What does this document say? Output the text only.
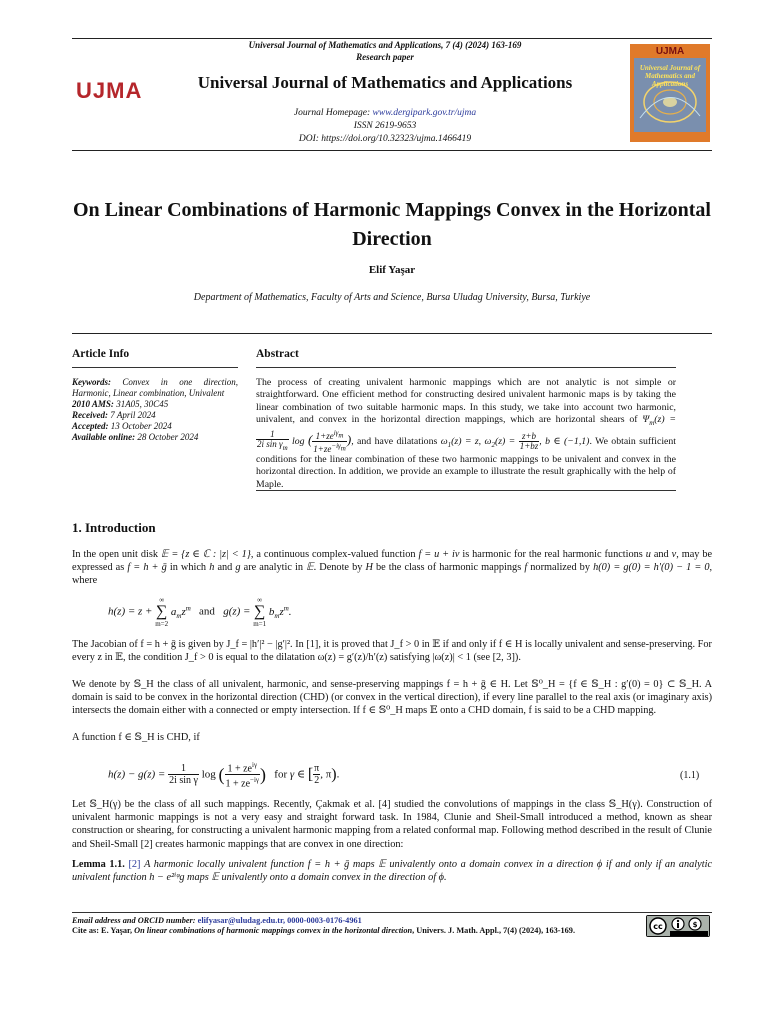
Universal Journal of Mathematics and Applications, 7 (4) (2024) 163-169
Research paper
UJMA	Universal Journal of Mathematics and Applications
Journal Homepage: www.dergipark.gov.tr/ujma
ISSN 2619-9653
DOI: https://doi.org/10.32323/ujma.1466419
UJMA
Universal Journal of Mathematics and Applications
On Linear Combinations of Harmonic Mappings Convex in the Horizontal Direction
Elif Yaşar
Department of Mathematics, Faculty of Arts and Science, Bursa Uludag University, Bursa, Turkiye
Article Info
Keywords: Convex in one direction, Harmonic, Linear combination, Univalent
2010 AMS: 31A05, 30C45
Received: 7 April 2024
Accepted: 13 October 2024
Available online: 28 October 2024
Abstract
The process of creating univalent harmonic mappings which are not analytic is not simple or straightforward. One efficient method for constructing desired univalent harmonic maps is by taking the linear combination of two suitable harmonic maps. In this study, we take into account two harmonic, univalent, and convex in the horizontal direction mappings, which are horizontal shears of $\Psi_m(z)$ =
$\frac{1}{2i \sin \gamma_m}$ log ( $\frac{1+ze^{i\gamma_m}}{1+ze^{-i\gamma_m}}$ ), and have dilatations $\omega_1(z) = z$, $\omega_2(z) = \frac{z+b}{1+bz}$ , b ∈ (−1,1). We obtain sufficient conditions for the linear combination of these two harmonic mappings to be univalent and convex in the horizontal direction. In addition, we provide an example to illustrate the result graphically with the help of Maple.
1. Introduction
In the open unit disk 𝔼 = {z ∈ ℂ : |z| < 1}, a continuous complex-valued function f = u + iv is harmonic for the real harmonic functions u and v, may be expressed as f = h + ḡ in which h and g are analytic in 𝔼. Denote by H be the class of harmonic mappings f normalized by h(0) = g(0) = h′(0) − 1 = 0, where
h(z) = z +
∞
∑
m=2
$a_mz^m$   and   g(z) =
∞
∑
m=1
$b_mz^m$.
The Jacobian of f = h + ḡ is given by J_f = |h′|² − |g′|². In [1], it is proved that J_f > 0 in 𝔼 if and only if f ∈ H is locally univalent and sense-preserving. For every z in 𝔼, the condition J_f > 0 is equal to the dilatation ω(z) = g′(z)/h′(z) satisfying |ω(z)| < 1 (see [2, 3]).
We denote by 𝕊_H the class of all univalent, harmonic, and sense-preserving mappings f = h + ḡ ∈ H. Let 𝕊⁰_H = {f ∈ 𝕊_H : g′(0) = 0} ⊂ 𝕊_H. A domain is said to be convex in the horizontal direction (CHD) (or convex in the vertical direction), if every line parallel to the real axis (or imaginary axis) intersects the domain either with a connected or empty intersection. If f ∈ 𝕊⁰_H maps 𝔼 onto a CHD domain, f is said to be a CHD mapping.
A function f ∈ 𝕊_H is CHD, if
$h(z) - g(z) = \frac{1}{\text{2i sin γ}}$ log ( $\frac{1 + ze^{i\gamma}}{1 + ze^{-i\gamma}}$ )   for γ ∈ [ $\frac{\pi}{2}$ , π).	(1.1)
Let 𝕊_H(γ) be the class of all such mappings. Recently, Çakmak et al. [4] studied the convolutions of mappings in the class 𝕊_H(γ). Construction of univalent harmonic mappings is not a very easy and straight forward task. In 1984, Clunie and Sheil-Small introduced a method, known as shear construction or shearing, for constructing a univalent harmonic mapping from a related conformal map. Following method described in the result of Clunie and Sheil-Small [2] creates harmonic mappings that are convex in one direction:
Lemma 1.1. [2] A harmonic locally univalent function f = h + ḡ maps 𝔼 univalently onto a domain convex in a direction ϕ if and only if an analytic univalent function h − e²ⁱᵠg maps 𝔼 univalently onto a domain convex in the direction of ϕ.
Email address and ORCID number: elifyasar@uludag.edu.tr, 0000-0003-0176-4961
Cite as: E. Yaşar, On linear combinations of harmonic mappings convex in the horizontal direction, Univers. J. Math. Appl., 7(4) (2024), 163-169.	cc	$
